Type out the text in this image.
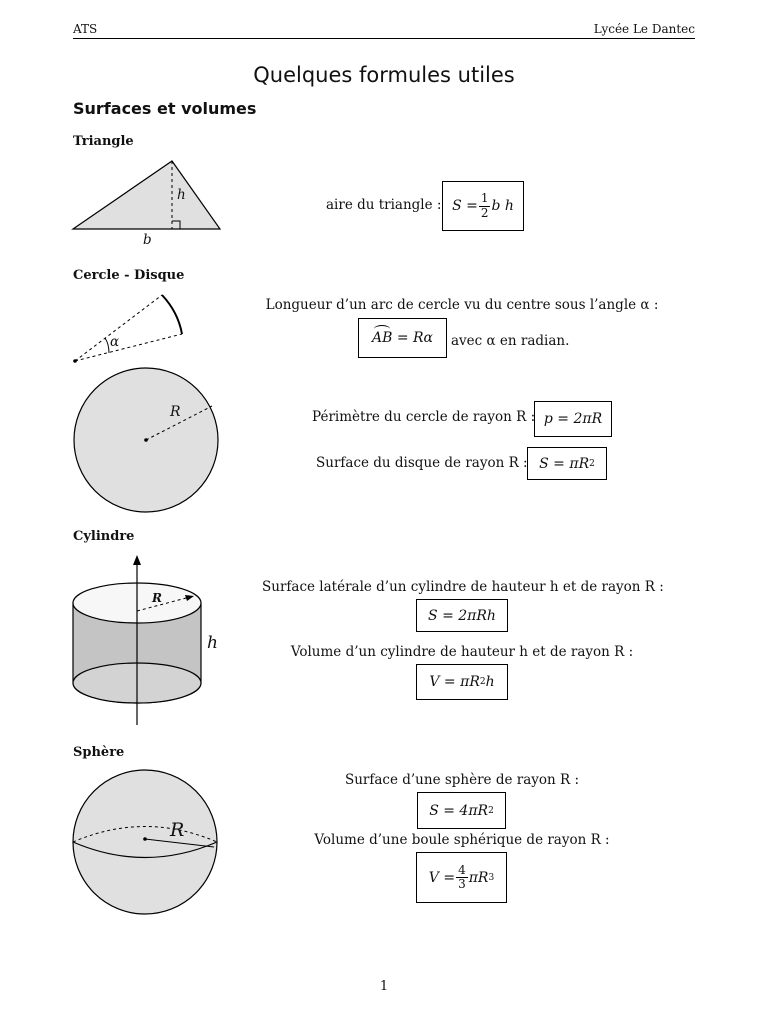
ATS	Lycée Le Dantec
Quelques formules utiles
Surfaces et volumes
Triangle
h
b
aire du triangle : $S = \frac{1}{2}$ b h
Cercle - Disque
α
Longueur d’un arc de cercle vu du centre sous l’angle α :
AB
= Rα avec α en radian.
R	Périmètre du cercle de rayon R : p = 2πR
Surface du disque de rayon R : S = πR 2
Cylindre
R
h
Surface latérale d’un cylindre de hauteur h et de rayon R :
S = 2πRh
Volume d’un cylindre de hauteur h et de rayon R :
V = πR 2 h
Sphère
R
Surface d’une sphère de rayon R :
S = 4πR 2
Volume d’une boule sphérique de rayon R :
$V = \frac{4}{3}$ πR 3
1
